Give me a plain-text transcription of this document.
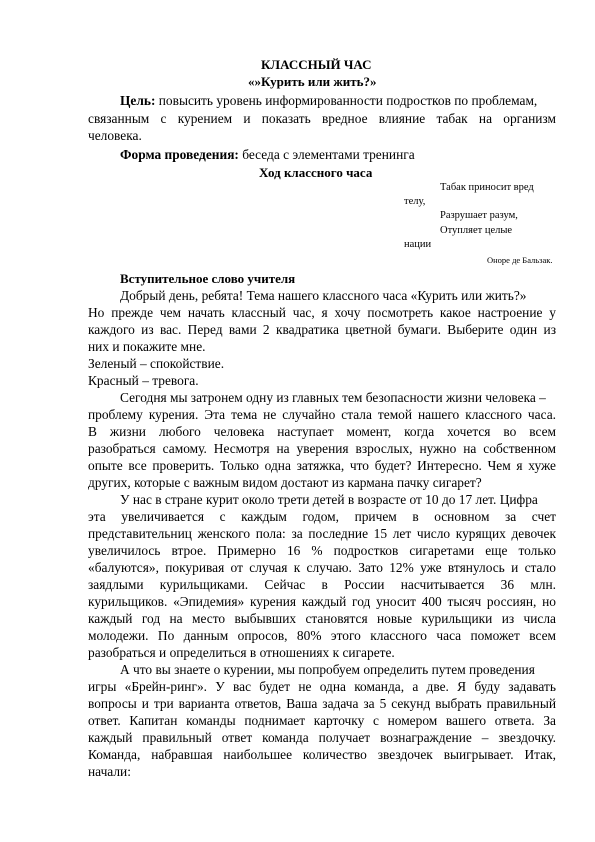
КЛАССНЫЙ ЧАС
«»Курить или жить?»
Цель: повысить уровень информированности подростков по проблемам,
связанным с курением и показать вредное влияние табак на организм
человека.
Форма проведения: беседа с элементами тренинга
Ход классного часа
Табак приносит вред
телу,
Разрушает разум,
Отупляет целые
нации
Оноре де Бальзак.
Вступительное слово учителя
Добрый день, ребята! Тема нашего классного часа «Курить или жить?»
Но прежде чем начать классный час, я хочу посмотреть какое настроение у
каждого из вас. Перед вами 2 квадратика цветной бумаги. Выберите один из
них и покажите мне.
Зеленый – спокойствие.
Красный – тревога.
Сегодня мы затронем одну из главных тем безопасности жизни человека –
проблему курения. Эта тема не случайно стала темой нашего классного часа.
В жизни любого человека наступает момент, когда хочется во всем
разобраться самому. Несмотря на уверения взрослых, нужно на собственном
опыте все проверить. Только одна затяжка, что будет? Интересно. Чем я хуже
других, которые с важным видом достают из кармана пачку сигарет?
У нас в стране курит около трети детей в возрасте от 10 до 17 лет. Цифра
эта увеличивается с каждым годом, причем в основном за счет
представительниц женского пола: за последние 15 лет число курящих девочек
увеличилось втрое. Примерно 16 % подростков сигаретами еще только
«балуются», покуривая от случая к случаю. Зато 12% уже втянулось и стало
заядлыми курильщиками. Сейчас в России насчитывается 36 млн.
курильщиков. «Эпидемия» курения каждый год уносит 400 тысяч россиян, но
каждый год на место выбывших становятся новые курильщики из числа
молодежи. По данным опросов, 80% этого классного часа поможет всем
разобраться и определиться в отношениях к сигарете.
А что вы знаете о курении, мы попробуем определить путем проведения
игры «Брейн-ринг». У вас будет не одна команда, а две. Я буду задавать
вопросы и три варианта ответов, Ваша задача за 5 секунд выбрать правильный
ответ. Капитан команды поднимает карточку с номером вашего ответа. За
каждый правильный ответ команда получает вознаграждение – звездочку.
Команда, набравшая наибольшее количество звездочек выигрывает. Итак,
начали:
